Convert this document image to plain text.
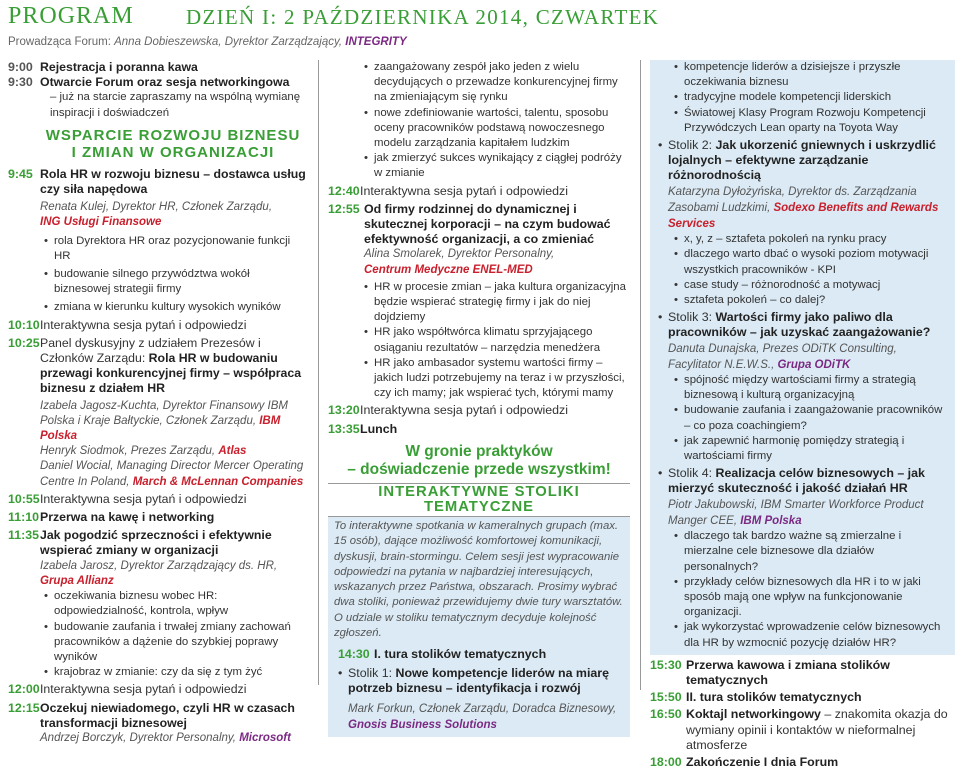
PROGRAM DZIEŃ I: 2 PAŹDZIERNIKA 2014, CZWARTEK
Prowadząca Forum: Anna Dobieszewska, Dyrektor Zarządzający, INTEGRITY
9:00 Rejestracja i poranna kawa
9:30 Otwarcie Forum oraz sesja networkingowa
– już na starcie zapraszamy na wspólną wymianę inspiracji i doświadczeń
WSPARCIE ROZWOJU BIZNESU
I ZMIAN W ORGANIZACJI
9:45 Rola HR w rozwoju biznesu – dostawca usług czy siła napędowa
Renata Kulej, Dyrektor HR, Członek Zarządu,
ING Usługi Finansowe
• rola Dyrektora HR oraz pozycjonowanie funkcji HR
• budowanie silnego przywództwa wokół biznesowej strategii firmy
• zmiana w kierunku kultury wysokich wyników
10:10 Interaktywna sesja pytań i odpowiedzi
10:25 Panel dyskusyjny z udziałem Prezesów i Członków Zarządu: Rola HR w budowaniu przewagi konkurencyjnej firmy – współpraca biznesu z działem HR
Izabela Jagosz-Kuchta, Dyrektor Finansowy IBM Polska i Kraje Bałtyckie, Członek Zarządu, IBM Polska
Henryk Siodmok, Prezes Zarządu, Atlas
Daniel Wocial, Managing Director Mercer Operating Centre In Poland, March & McLennan Companies
10:55 Interaktywna sesja pytań i odpowiedzi
11:10 Przerwa na kawę i networking
11:35 Jak pogodzić sprzeczności i efektywnie wspierać zmiany w organizacji
Izabela Jarosz, Dyrektor Zarządzający ds. HR,
Grupa Allianz
• oczekiwania biznesu wobec HR: odpowiedzialność, kontrola, wpływ
• budowanie zaufania i trwałej zmiany zachowań pracowników a dążenie do szybkiej poprawy wyników
• krajobraz w zmianie: czy da się z tym żyć
12:00 Interaktywna sesja pytań i odpowiedzi
12:15 Oczekuj niewiadomego, czyli HR w czasach transformacji biznesowej
Andrzej Borczyk, Dyrektor Personalny, Microsoft
• zaangażowany zespół jako jeden z wielu decydujących o przewadze konkurencyjnej firmy na zmieniającym się rynku
• nowe zdefiniowanie wartości, talentu, sposobu oceny pracowników podstawą nowoczesnego modelu zarządzania kapitałem ludzkim
• jak zmierzyć sukces wynikający z ciągłej podróży w zmianie
12:40 Interaktywna sesja pytań i odpowiedzi
12:55 Od firmy rodzinnej do dynamicznej i skutecznej korporacji – na czym budować efektywność organizacji, a co zmieniać
Alina Smolarek, Dyrektor Personalny,
Centrum Medyczne ENEL-MED
• HR w procesie zmian – jaka kultura organizacyjna będzie wspierać strategię firmy i jak do niej dojdziemy
• HR jako współtwórca klimatu sprzyjającego osiąganiu rezultatów – narzędzia menedżera
• HR jako ambasador systemu wartości firmy – jakich ludzi potrzebujemy na teraz i w przyszłości, czy ich mamy; jak wspierać tych, którymi mamy
13:20 Interaktywna sesja pytań i odpowiedzi
13:35 Lunch
W gronie praktyków
– doświadczenie przede wszystkim!
INTERAKTYWNE STOLIKI TEMATYCZNE
To interaktywne spotkania w kameralnych grupach (max. 15 osób), dające możliwość komfortowej komunikacji, dyskusji, brain-stormingu. Celem sesji jest wypracowanie odpowiedzi na pytania w najbardziej interesujących, wskazanych przez Państwa, obszarach. Prosimy wybrać dwa stoliki, ponieważ przewidujemy dwie tury warsztatów. O udziale w stoliku tematycznym decyduje kolejność zgłoszeń.
14:30 I. tura stolików tematycznych
• Stolik 1: Nowe kompetencje liderów na miarę potrzeb biznesu – identyfikacja i rozwój
Mark Forkun, Członek Zarządu, Doradca Biznesowy, Gnosis Business Solutions
• kompetencje liderów a dzisiejsze i przyszłe oczekiwania biznesu
• tradycyjne modele kompetencji liderskich
• Światowej Klasy Program Rozwoju Kompetencji Przywódczych Lean oparty na Toyota Way
• Stolik 2: Jak ukorzenić gniewnych i uskrzydlić lojalnych – efektywne zarządzanie różnorodnością
Katarzyna Dyłożyńska, Dyrektor ds. Zarządzania Zasobami Ludzkimi, Sodexo Benefits and Rewards Services
• x, y, z – sztafeta pokoleń na rynku pracy
• dlaczego warto dbać o wysoki poziom motywacji wszystkich pracowników - KPI
• case study – różnorodność a motywacj
• sztafeta pokoleń – co dalej?
• Stolik 3: Wartości firmy jako paliwo dla pracowników – jak uzyskać zaangażowanie?
Danuta Dunajska, Prezes ODiTK Consulting, Facylitator N.E.W.S., Grupa ODiTK
• spójność między wartościami firmy a strategią biznesową i kulturą organizacyjną
• budowanie zaufania i zaangażowanie pracowników – co poza coachingiem?
• jak zapewnić harmonię pomiędzy strategią i wartościami firmy
• Stolik 4: Realizacja celów biznesowych – jak mierzyć skuteczność i jakość działań HR
Piotr Jakubowski, IBM Smarter Workforce Product Manger CEE, IBM Polska
• dlaczego tak bardzo ważne są zmierzalne i mierzalne cele biznesowe dla działów personalnych?
• przykłady celów biznesowych dla HR i to w jaki sposób mają one wpływ na funkcjonowanie organizacji.
• jak wykorzystać wprowadzenie celów biznesowych dla HR by wzmocnić pozycję działów HR?
15:30 Przerwa kawowa i zmiana stolików tematycznych
15:50 II. tura stolików tematycznych
16:50 Koktajl networkingowy – znakomita okazja do wymiany opinii i kontaktów w nieformalnej atmosferze
18:00 Zakończenie I dnia Forum
